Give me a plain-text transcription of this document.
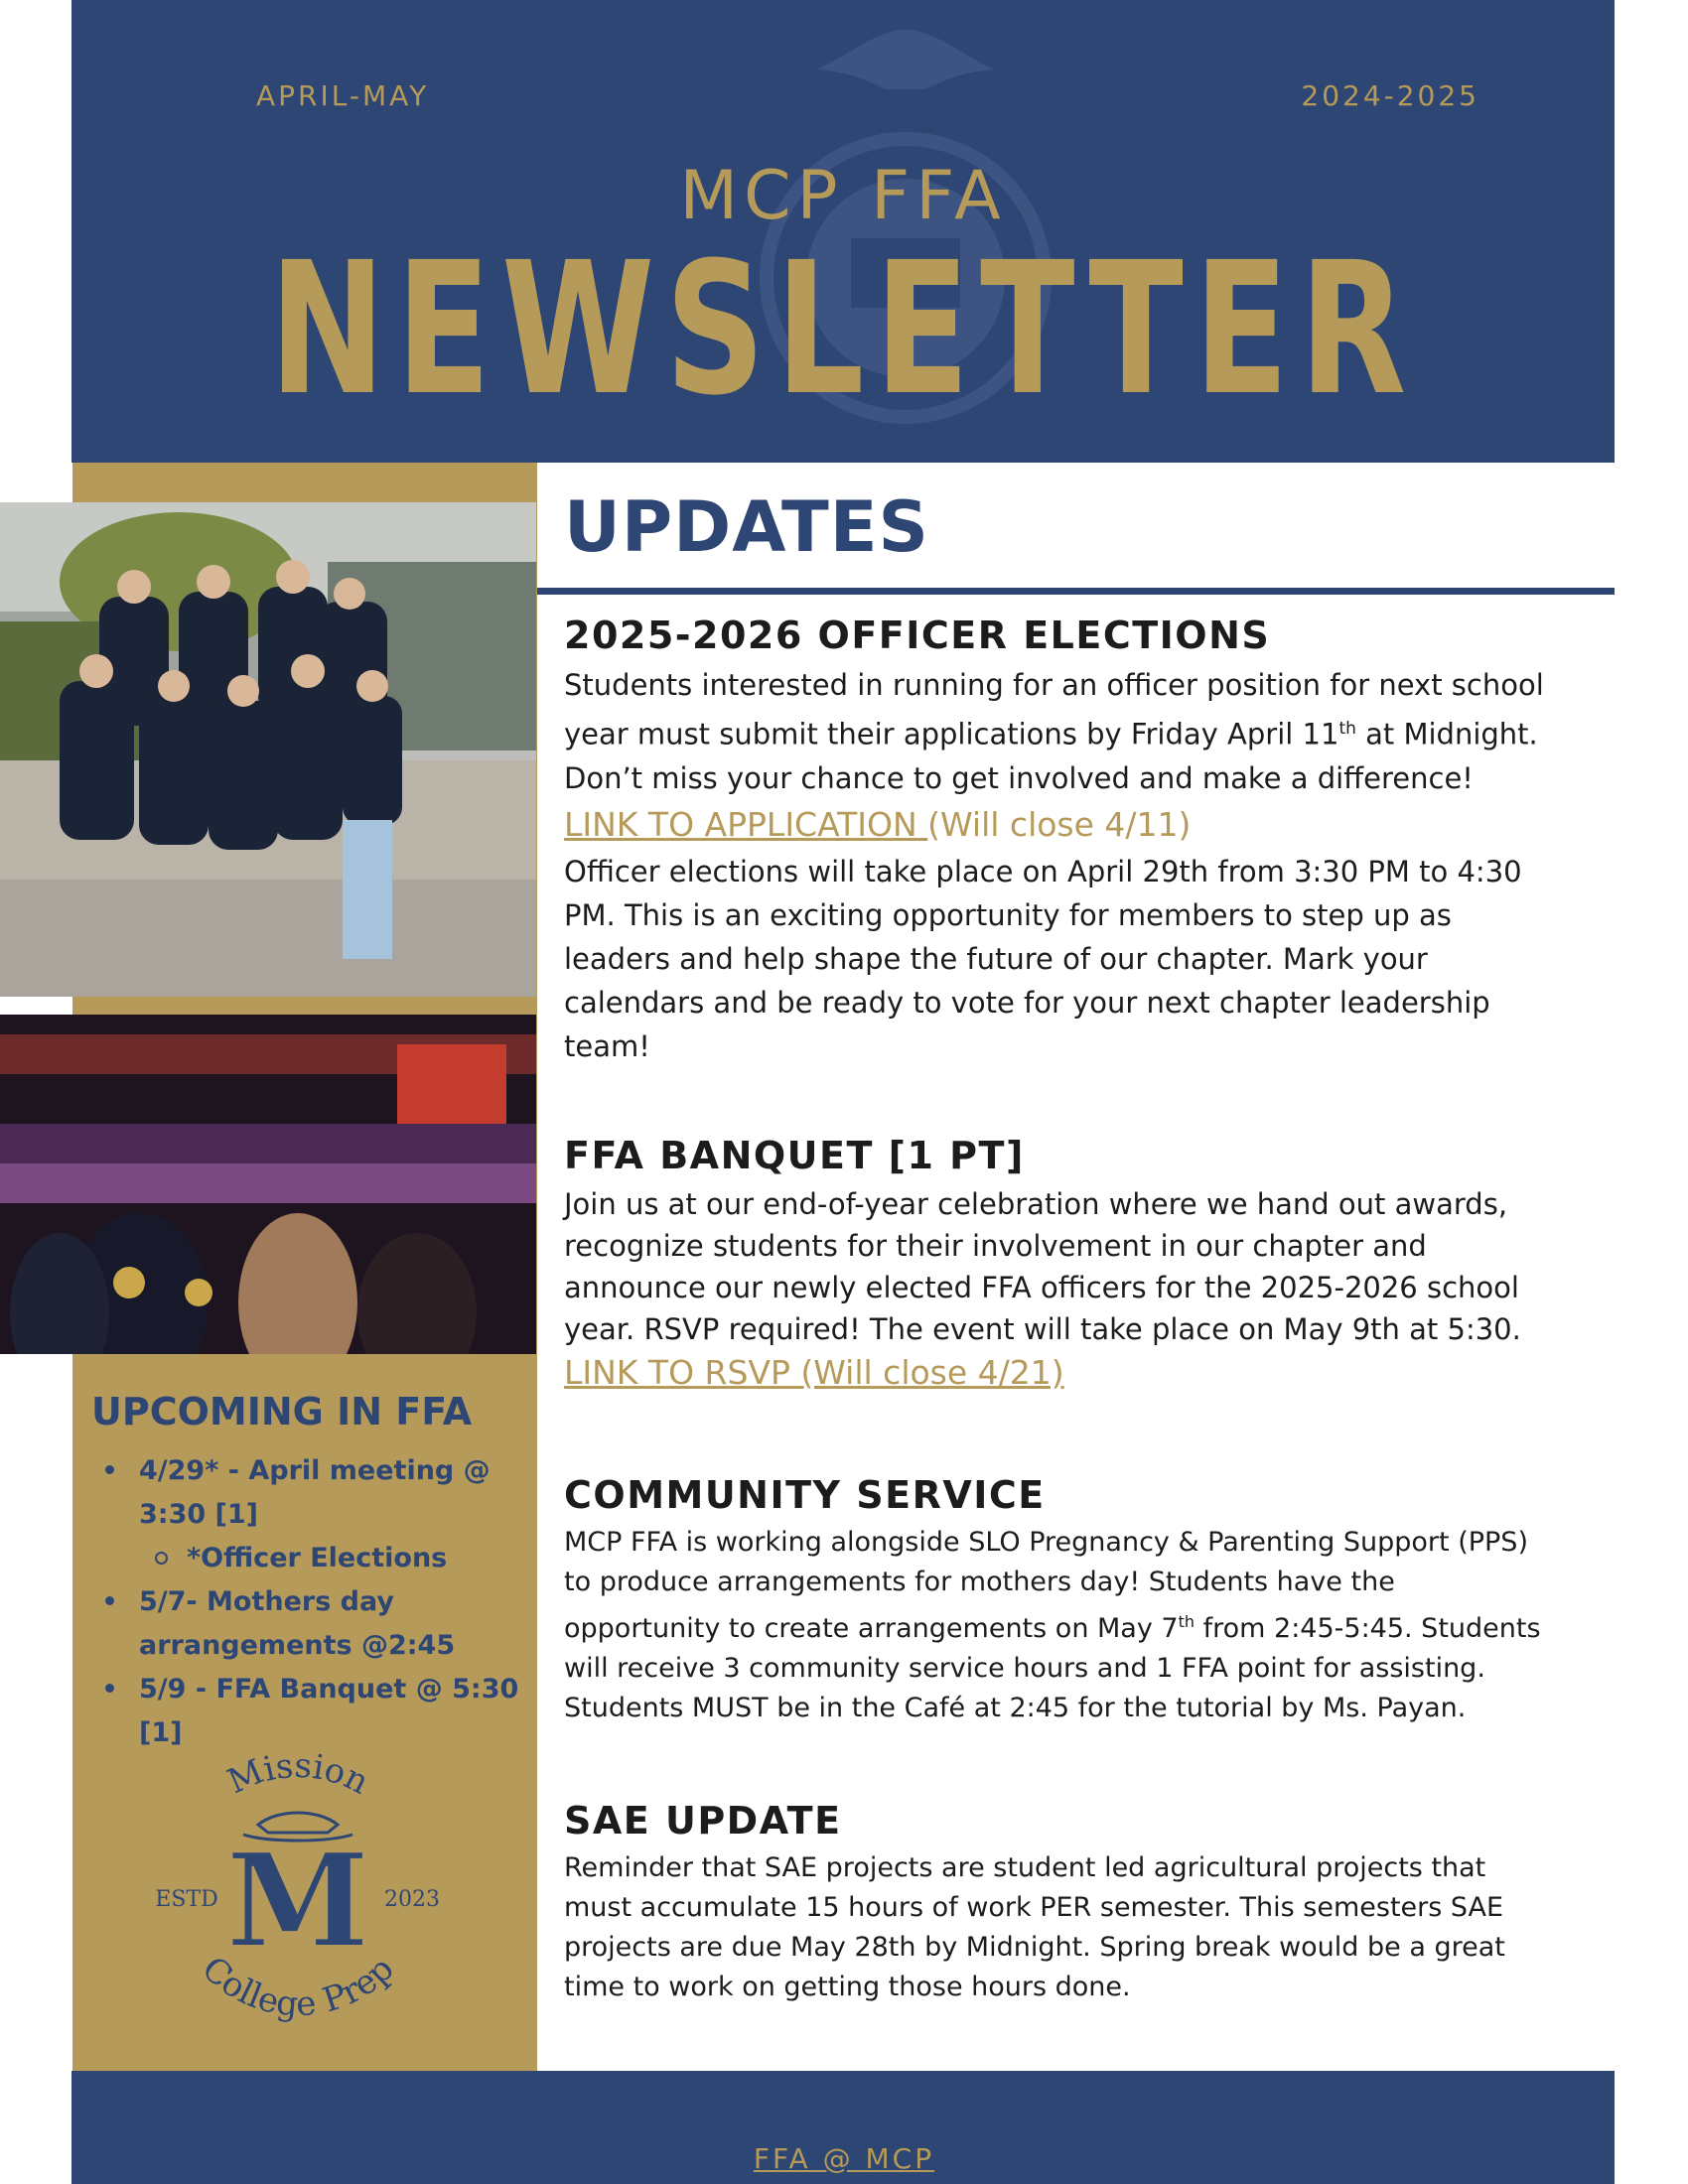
APRIL-MAY	2024-2025
MCP FFA
NEWSLETTER
UPCOMING IN FFA
4/29* - April meeting @ 3:30 [1]
*Officer Elections
5/7- Mothers day arrangements @2:45
5/9 - FFA Banquet @ 5:30 [1]
Mission
M
ESTD	2023
College Prep
UPDATES
2025-2026 OFFICER ELECTIONS

Students interested in running for an officer position for next school year must submit their applications by Friday April 11th at Midnight. Don’t miss your chance to get involved and make a difference!

LINK TO APPLICATION (Will close 4/11)

Officer elections will take place on April 29th from 3:30 PM to 4:30 PM. This is an exciting opportunity for members to step up as leaders and help shape the future of our chapter. Mark your calendars and be ready to vote for your next chapter leadership team!

FFA BANQUET [1 PT]

Join us at our end-of-year celebration where we hand out awards, recognize students for their involvement in our chapter and announce our newly elected FFA officers for the 2025-2026 school year. RSVP required! The event will take place on May 9th at 5:30.

LINK TO RSVP (Will close 4/21)

COMMUNITY SERVICE

MCP FFA is working alongside SLO Pregnancy & Parenting Support (PPS) to produce arrangements for mothers day! Students have the opportunity to create arrangements on May 7th from 2:45-5:45. Students will receive 3 community service hours and 1 FFA point for assisting. Students MUST be in the Café at 2:45 for the tutorial by Ms. Payan.

SAE UPDATE

Reminder that SAE projects are student led agricultural projects that must accumulate 15 hours of work PER semester. This semesters SAE projects are due May 28th by Midnight. Spring break would be a great time to work on getting those hours done.

FFA @ MCP
